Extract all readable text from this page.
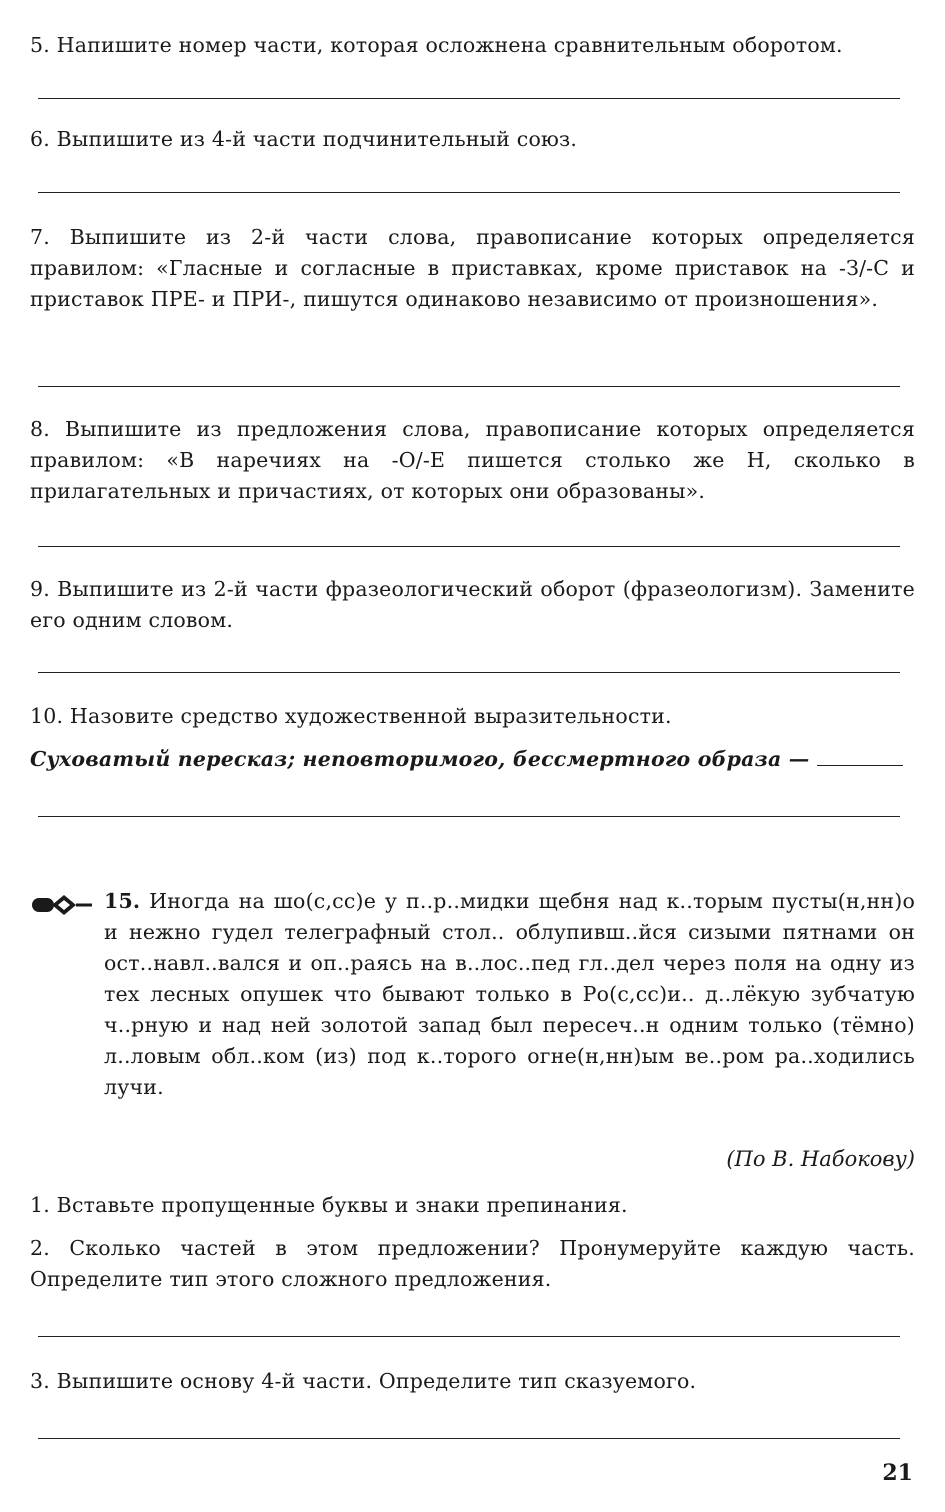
5. Напишите номер части, которая осложнена сравнительным оборотом.

6. Выпишите из 4-й части подчинительный союз.

7. Выпишите из 2-й части слова, правописание которых определяется правилом: «Гласные и согласные в приставках, кроме приставок на -З/-С и приставок ПРЕ- и ПРИ-, пишутся одинаково независимо от произношения».

8. Выпишите из предложения слова, правописание которых определяется правилом: «В наречиях на -О/-Е пишется столько же Н, сколько в прилагательных и причастиях, от которых они образованы».

9. Выпишите из 2-й части фразеологический оборот (фразеологизм). Замените его одним словом.

10. Назовите средство художественной выразительности.

Суховатый пересказ; неповторимого, бессмертного образа —

15. Иногда на шо(с,сс)е у п..р..мидки щебня над к..торым пусты(н,нн)о и нежно гудел телеграфный стол.. облупивш..йся сизыми пятнами он ост..навл..вался и оп..раясь на в..лос..пед гл..дел через поля на одну из тех лесных опушек что бывают только в Ро(с,сс)и.. д..лёкую зубчатую ч..рную и над ней золотой запад был пересеч..н одним только (тёмно) л..ловым обл..ком (из) под к..торого огне(н,нн)ым ве..ром ра..ходились лучи.

(По В. Набокову)

1. Вставьте пропущенные буквы и знаки препинания.

2. Сколько частей в этом предложении? Пронумеруйте каждую часть. Определите тип этого сложного предложения.

3. Выпишите основу 4-й части. Определите тип сказуемого.

21
